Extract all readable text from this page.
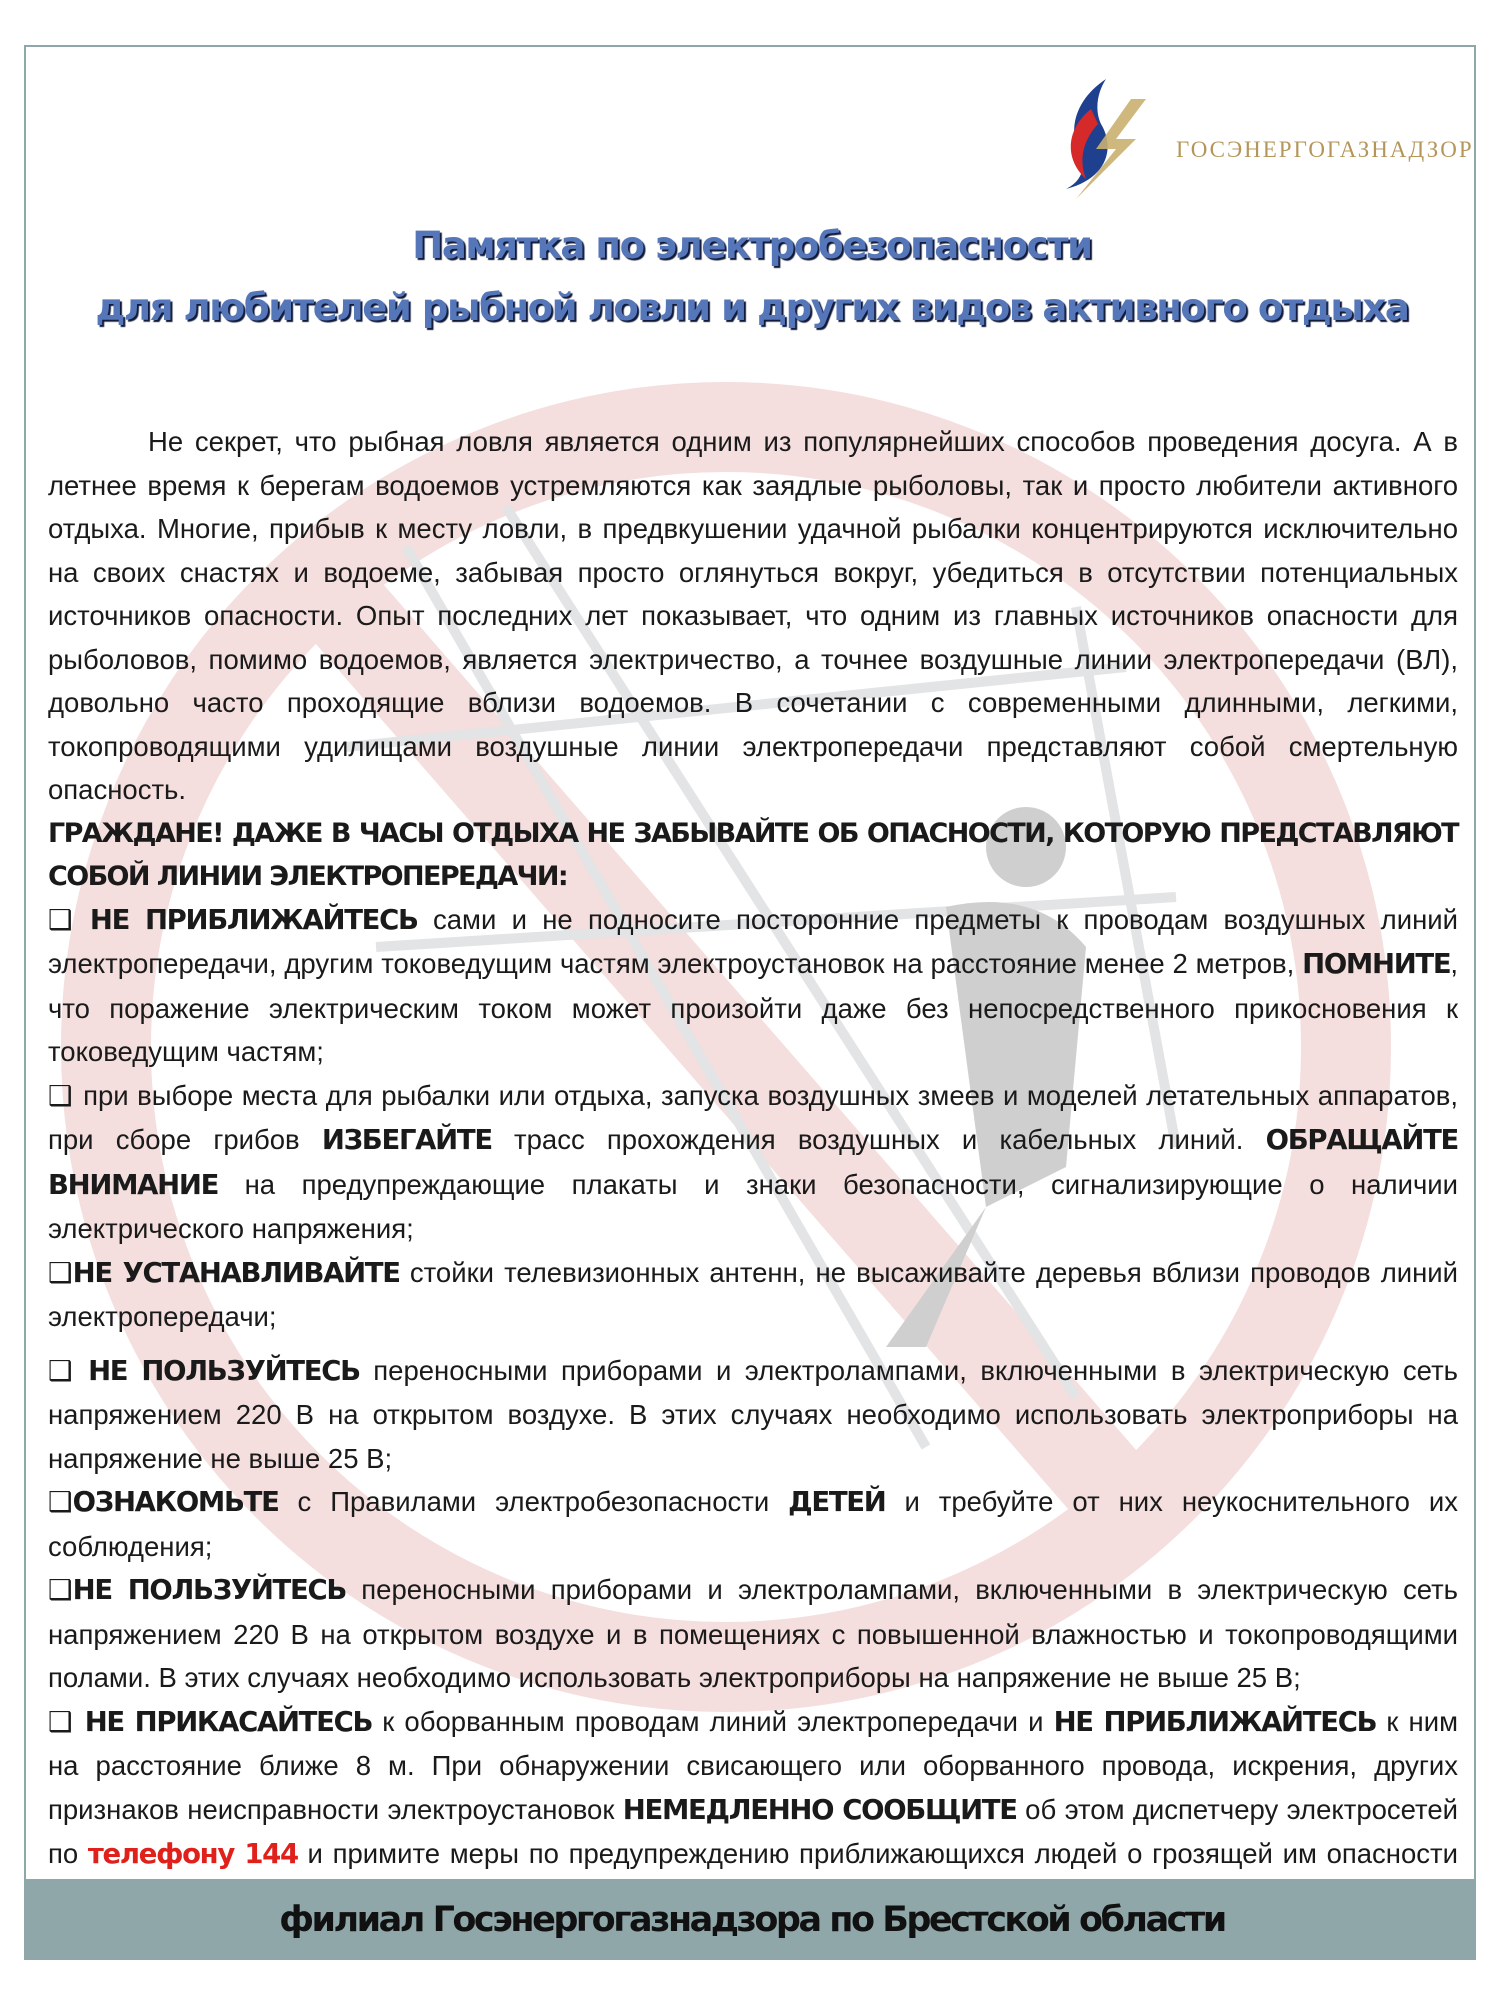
ГОСЭНЕРГОГАЗНАДЗОР
Памятка по электробезопасности
для любителей рыбной ловли и других видов активного отдыха

Не секрет, что рыбная ловля является одним из популярнейших способов проведения досуга. А в летнее время к берегам водоемов устремляются как заядлые рыболовы, так и просто любители активного отдыха. Многие, прибыв к месту ловли, в предвкушении удачной рыбалки концентрируются исключительно на своих снастях и водоеме, забывая просто оглянуться вокруг, убедиться в отсутствии потенциальных источников опасности. Опыт последних лет показывает, что одним из главных источников опасности для рыболовов, помимо водоемов, является электричество, а точнее воздушные линии электропередачи (ВЛ), довольно часто проходящие вблизи водоемов. В сочетании с современными длинными, легкими, токопроводящими удилищами воздушные линии электропередачи представляют собой смертельную опасность.

ГРАЖДАНЕ! ДАЖЕ В ЧАСЫ ОТДЫХА НЕ ЗАБЫВАЙТЕ ОБ ОПАСНОСТИ, КОТОРУЮ ПРЕДСТАВЛЯЮТ СОБОЙ ЛИНИИ ЭЛЕКТРОПЕРЕДАЧИ:

❑ НЕ ПРИБЛИЖАЙТЕСЬ сами и не подносите посторонние предметы к проводам воздушных линий электропередачи, другим токоведущим частям электроустановок на расстояние менее 2 метров, ПОМНИТЕ, что поражение электрическим током может произойти даже без непосредственного прикосновения к токоведущим частям;

❑ при выборе места для рыбалки или отдыха, запуска воздушных змеев и моделей летательных аппаратов, при сборе грибов ИЗБЕГАЙТЕ трасс прохождения воздушных и кабельных линий. ОБРАЩАЙТЕ ВНИМАНИЕ на предупреждающие плакаты и знаки безопасности, сигнализирующие о наличии электрического напряжения;

❑НЕ УСТАНАВЛИВАЙТЕ стойки телевизионных антенн, не высаживайте деревья вблизи проводов линий электропередачи;

❑ НЕ ПОЛЬЗУЙТЕСЬ переносными приборами и электролампами, включенными в электрическую сеть напряжением 220 В на открытом воздухе. В этих случаях необходимо использовать электроприборы на напряжение не выше 25 В;

❑ОЗНАКОМЬТЕ с Правилами электробезопасности ДЕТЕЙ и требуйте от них неукоснительного их соблюдения;

❑НЕ ПОЛЬЗУЙТЕСЬ переносными приборами и электролампами, включенными в электрическую сеть напряжением 220 В на открытом воздухе и в помещениях с повышенной влажностью и токопроводящими полами. В этих случаях необходимо использовать электроприборы на напряжение не выше 25 В;

❑ НЕ ПРИКАСАЙТЕСЬ к оборванным проводам линий электропередачи и НЕ ПРИБЛИЖАЙТЕСЬ к ним на расстояние ближе 8 м. При обнаружении свисающего или оборванного провода, искрения, других признаков неисправности электроустановок НЕМЕДЛЕННО СООБЩИТЕ об этом диспетчеру электросетей по телефону 144 и примите меры по предупреждению приближающихся людей о грозящей им опасности

филиал Госэнергогазнадзора по Брестской области
